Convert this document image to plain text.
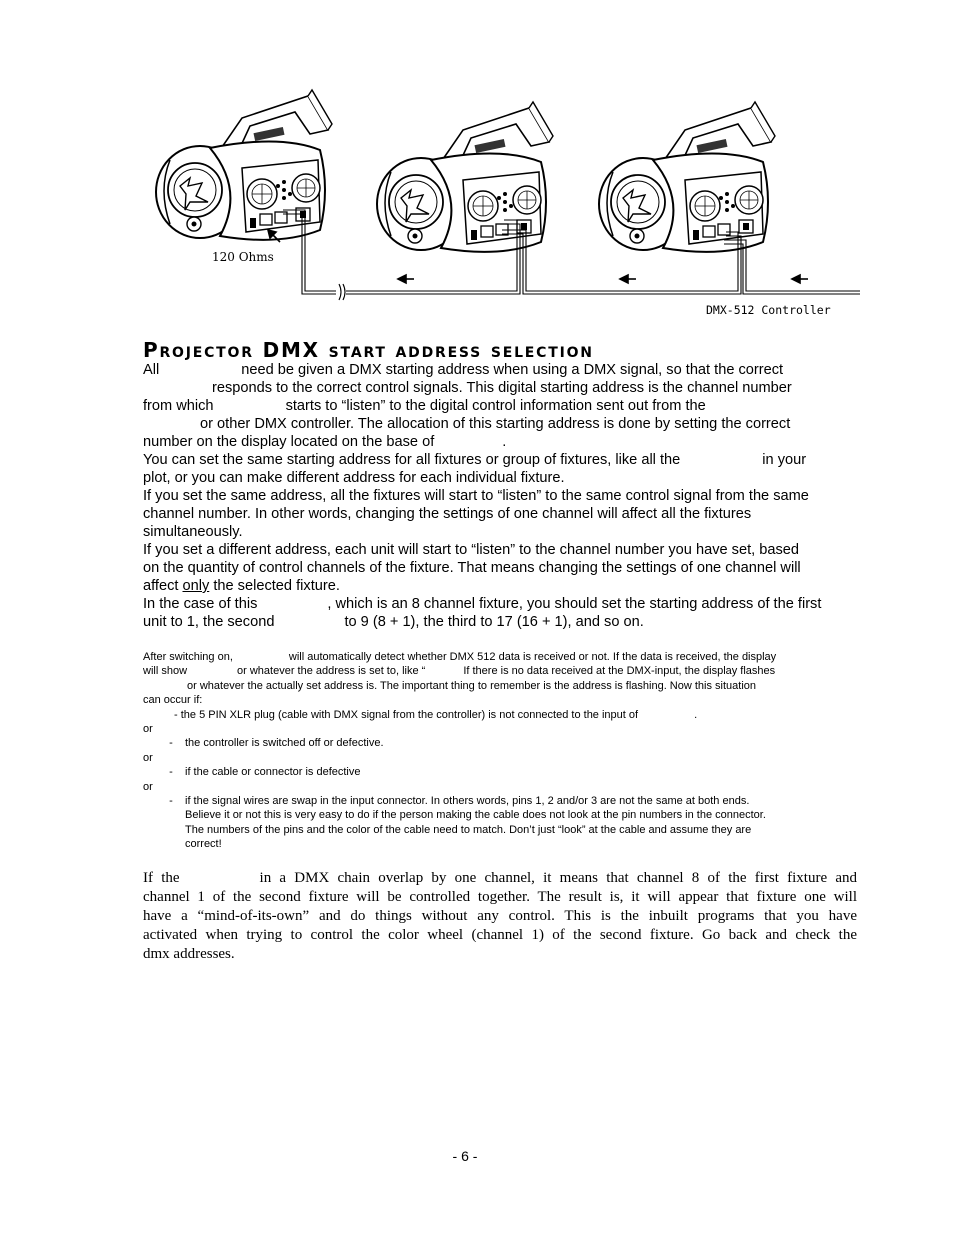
120 Ohms
DMX-512 Controller
Projector DMX start address selection
All	need be given a DMX starting address when using a DMX signal, so that the correct
responds to the correct control signals. This digital starting address is the channel number
from which	starts to “listen” to the digital control information sent out from the
or other DMX controller. The allocation of this starting address is done by setting the correct
number on the display located on the base of	.
You can set the same starting address for all fixtures or group of fixtures, like all the	in your
plot, or you can make different address for each individual fixture.
If you set the same address, all the fixtures will start to “listen” to the same control signal from the same
channel number. In other words, changing the settings of one channel will affect all the fixtures
simultaneously.
If you set a different address, each unit will start to “listen” to the channel number you have set, based
on the quantity of control channels of the fixture. That means changing the settings of one channel will
affect only the selected fixture.
In the case of this	, which is an 8 channel fixture, you should set the starting address of the first
unit to 1, the second	to 9 (8 + 1), the third to 17 (16 + 1), and so on.
After switching on,	will automatically detect whether DMX 512 data is received or not. If the data is received, the display
will show	or whatever the address is set to, like “	If there is no data received at the DMX-input, the display flashes
or whatever the actually set address is. The important thing to remember is the address is flashing. Now this situation
can occur if:
- the 5 PIN XLR plug (cable with DMX signal from the controller) is not connected to the input of	.
or
- the controller is switched off or defective.
or
- if the cable or connector is defective
or
- if the signal wires are swap in the input connector. In others words, pins 1, 2 and/or 3 are not the same at both ends.
Believe it or not this is very easy to do if the person making the cable does not look at the pin numbers in the connector.
The numbers of the pins and the color of the cable need to match. Don’t just “look” at the cable and assume they are
correct!
If the	in a DMX chain overlap by one channel, it means that channel 8 of the first fixture and
channel 1 of the second fixture will be controlled together. The result is, it will appear that fixture one will
have a “mind-of-its-own” and do things without any control. This is the inbuilt programs that you have
activated when trying to control the color wheel (channel 1) of the second fixture. Go back and check the
dmx addresses.
- 6 -
